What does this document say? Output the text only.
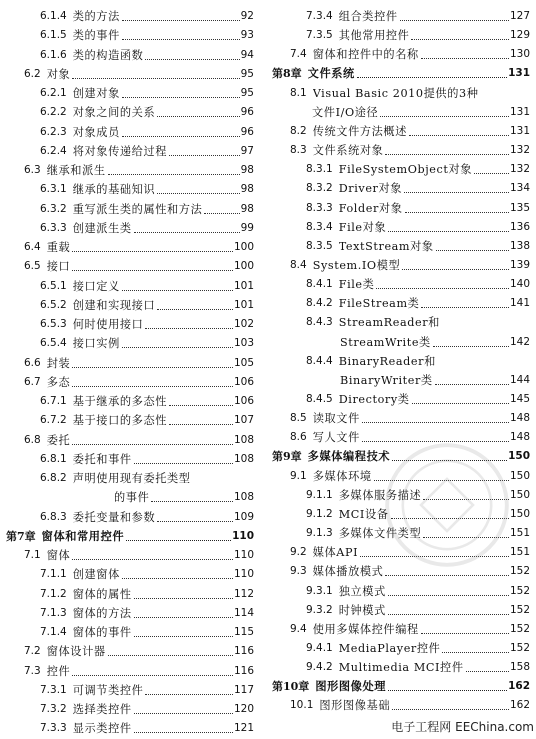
6.1.4 类的方法	92
6.1.5 类的事件	93
6.1.6 类的构造函数	94
6.2 对象	95
6.2.1 创建对象	95
6.2.2 对象之间的关系	96
6.2.3 对象成员	96
6.2.4 将对象传递给过程	97
6.3 继承和派生	98
6.3.1 继承的基础知识	98
6.3.2 重写派生类的属性和方法	98
6.3.3 创建派生类	99
6.4 重载	100
6.5 接口	100
6.5.1 接口定义	101
6.5.2 创建和实现接口	101
6.5.3 何时使用接口	102
6.5.4 接口实例	103
6.6 封装	105
6.7 多态	106
6.7.1 基于继承的多态性	106
6.7.2 基于接口的多态性	107
6.8 委托	108
6.8.1 委托和事件	108
6.8.2 声明使用现有委托类型
的事件	108
6.8.3 委托变量和参数	109
第7章 窗体和常用控件	110
7.1 窗体	110
7.1.1 创建窗体	110
7.1.2 窗体的属性	112
7.1.3 窗体的方法	114
7.1.4 窗体的事件	115
7.2 窗体设计器	116
7.3 控件	116
7.3.1 可调节类控件	117
7.3.2 选择类控件	120
7.3.3 显示类控件	121
7.3.4 组合类控件	127
7.3.5 其他常用控件	129
7.4 窗体和控件中的名称	130
第8章 文件系统	131
8.1 Visual Basic 2010提供的3种
文件I/O途径	131
8.2 传统文件方法概述	131
8.3 文件系统对象	132
8.3.1 FileSystemObject对象	132
8.3.2 Driver对象	134
8.3.3 Folder对象	135
8.3.4 File对象	136
8.3.5 TextStream对象	138
8.4 System.IO模型	139
8.4.1 File类	140
8.4.2 FileStream类	141
8.4.3 StreamReader和
StreamWrite类	142
8.4.4 BinaryReader和
BinaryWriter类	144
8.4.5 Directory类	145
8.5 读取文件	148
8.6 写人文件	148
第9章 多媒体编程技术	150
9.1 多媒体环境	150
9.1.1 多媒体服务描述	150
9.1.2 MCI设备	150
9.1.3 多媒体文件类型	151
9.2 媒体API	151
9.3 媒体播放模式	152
9.3.1 独立模式	152
9.3.2 时钟模式	152
9.4 使用多媒体控件编程	152
9.4.1 MediaPlayer控件	152
9.4.2 Multimedia MCI控件	158
第10章 图形图像处理	162
10.1 图形图像基础	162
电子工程网 EEChina.com
